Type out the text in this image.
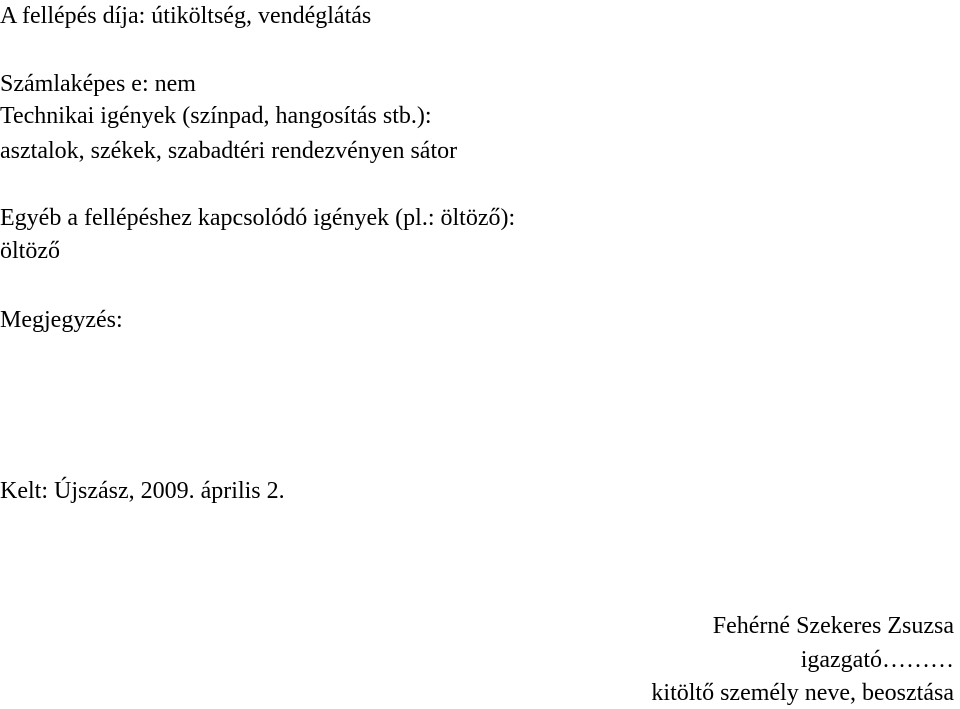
A fellépés díja: útiköltség, vendéglátás
Számlaképes e: nem
Technikai igények (színpad, hangosítás stb.):
asztalok, székek, szabadtéri rendezvényen sátor
Egyéb a fellépéshez kapcsolódó igények (pl.: öltöző):
öltöző
Megjegyzés:
Kelt: Újszász, 2009. április 2.
Fehérné Szekeres Zsuzsa
igazgató………
kitöltő személy neve, beosztása
